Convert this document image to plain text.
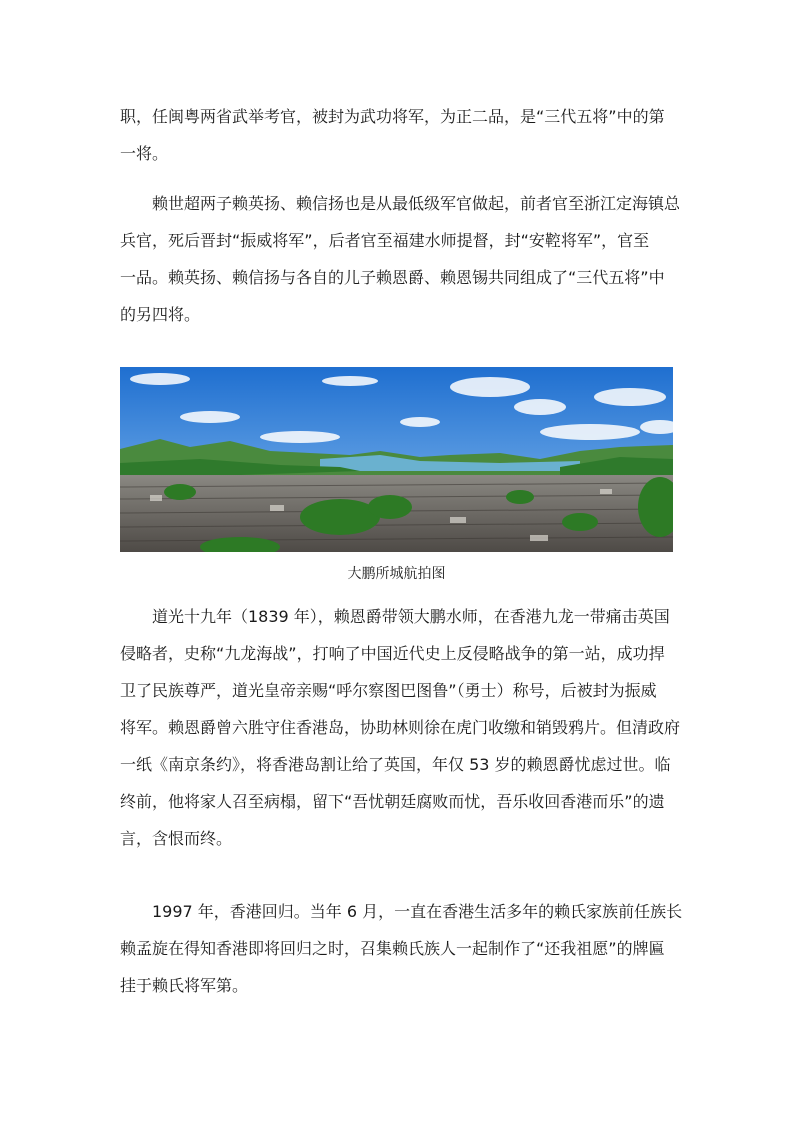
职，任闽粤两省武举考官，被封为武功将军，为正二品，是“三代五将”中的第
一将。

赖世超两子赖英扬、赖信扬也是从最低级军官做起，前者官至浙江定海镇总
兵官，死后晋封“振威将军”，后者官至福建水师提督，封“安鞚将军”，官至
一品。赖英扬、赖信扬与各自的儿子赖恩爵、赖恩锡共同组成了“三代五将”中
的另四将。

大鹏所城航拍图

道光十九年（1839 年），赖恩爵带领大鹏水师，在香港九龙一带痛击英国
侵略者，史称“九龙海战”，打响了中国近代史上反侵略战争的第一站，成功捍
卫了民族尊严，道光皇帝亲赐“呼尔察图巴图鲁”（勇士）称号，后被封为振威
将军。赖恩爵曾六胜守住香港岛，协助林则徐在虎门收缴和销毁鸦片。但清政府
一纸《南京条约》，将香港岛割让给了英国，年仅 53 岁的赖恩爵忧虑过世。临
终前，他将家人召至病榻，留下“吾忧朝廷腐败而忧，吾乐收回香港而乐”的遗
言，含恨而终。

1997 年，香港回归。当年 6 月，一直在香港生活多年的赖氏家族前任族长
赖孟旋在得知香港即将回归之时，召集赖氏族人一起制作了“还我祖愿”的牌匾
挂于赖氏将军第。
